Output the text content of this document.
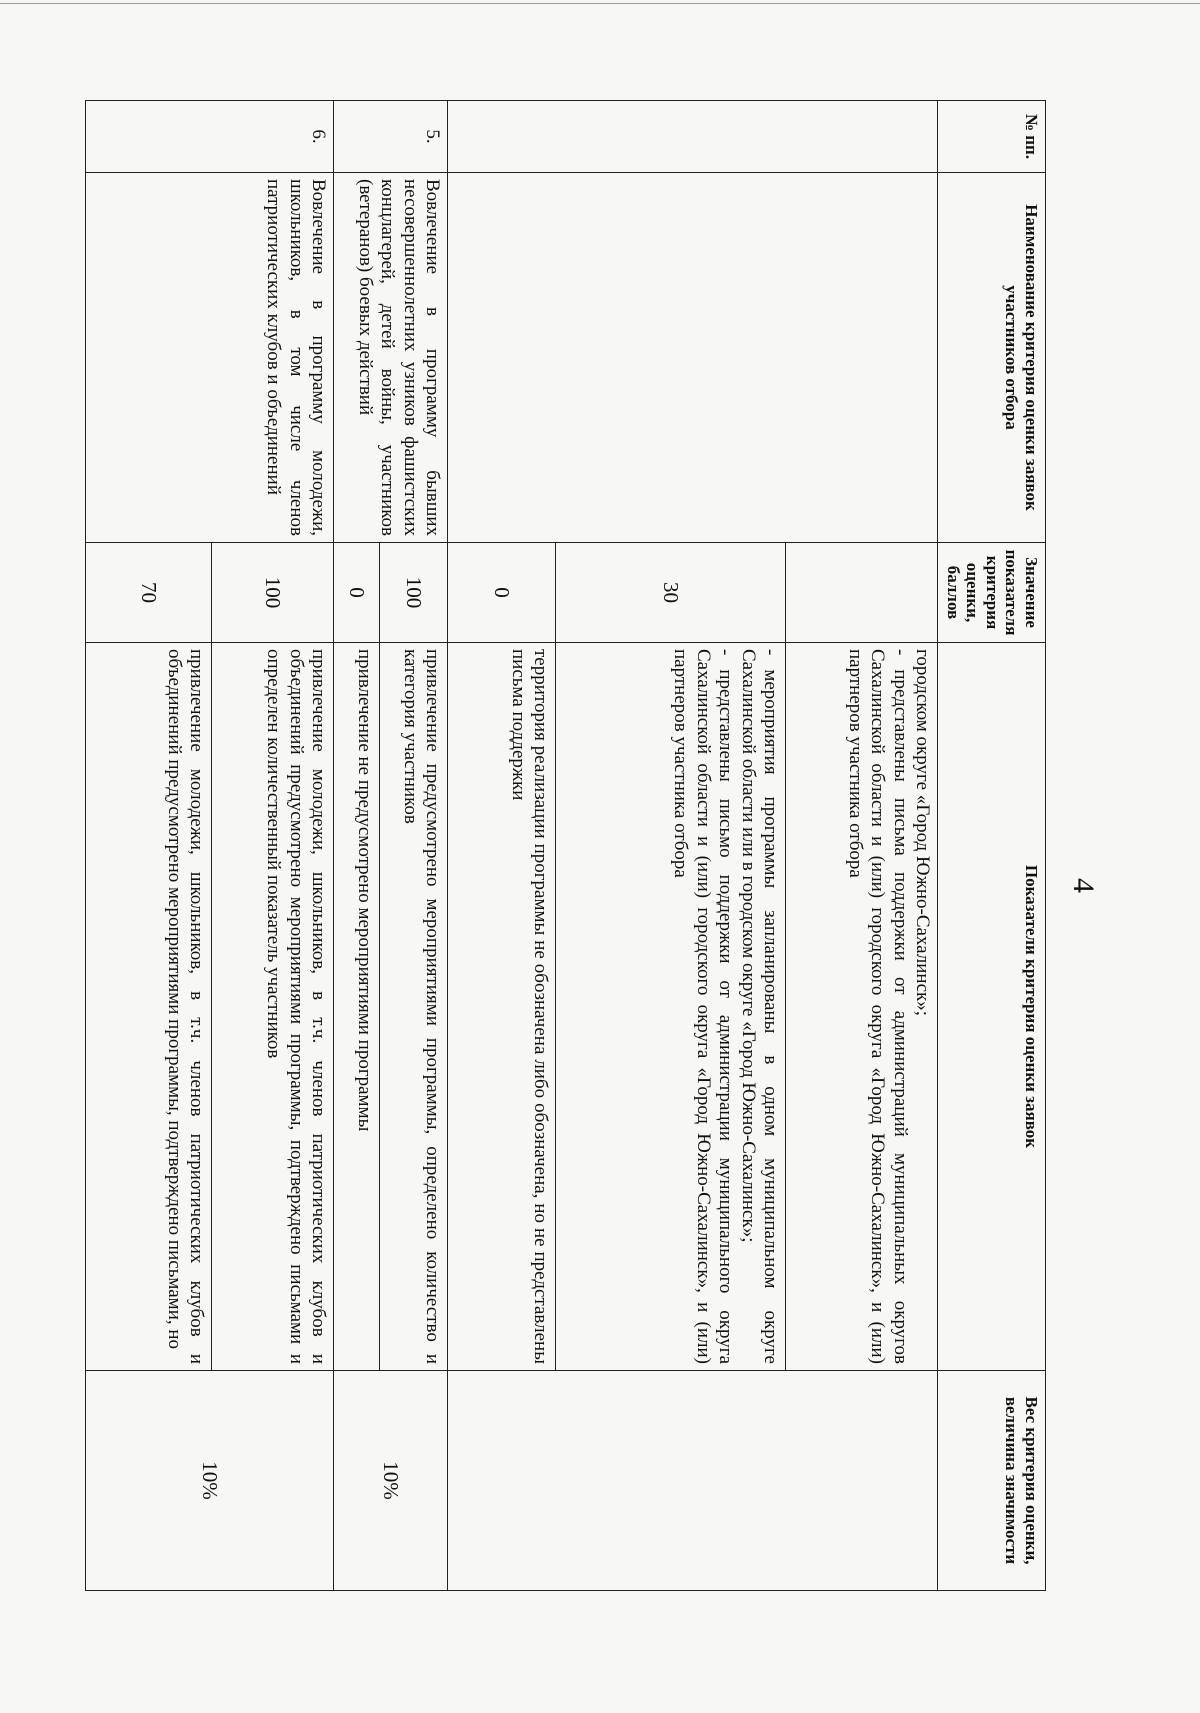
4
№ пп.	Наименование критерия оценки заявок участников отбора	Значение показателя критерия оценки, баллов	Показатели критерия оценки заявок	Вес критерия оценки, величина значимости

			городском округе «Город Южно-Сахалинск»;
-представлены письма поддержки от администраций муниципальных округов Сахалинской области и (или) городского округа «Город Южно-Сахалинск», и (или) партнеров участника отбора	

		30	-мероприятия программы запланированы в одном муниципальном округе Сахалинской области или в городском округе «Город Южно-Сахалинск»;
-представлены письмо поддержки от администрации муниципального округа Сахалинской области и (или) городского округа «Город Южно-Сахалинск», и (или) партнеров участника отбора	

		0	территория реализации программы не обозначена либо обозначена, но не представлены письма поддержки	
5.	Вовлечение в программу бывших несовершеннолетних узников фашистских концлагерей, детей войны, участников (ветеранов) боевых действий	100	привлечение предусмотрено мероприятиями программы, определено количество и категория участников	10%
		0	привлечение не предусмотрено мероприятиями программы	
6.	Вовлечение в программу молодежи, школьников, в том числе членов патриотических клубов и объединений	100	привлечение молодежи, школьников, в т.ч. членов патриотических клубов и объединений предусмотрено мероприятиями программы, подтверждено письмами и определен количественный показатель участников	10%
		70	привлечение молодежи, школьников, в т.ч. членов патриотических клубов и объединений предусмотрено мероприятиями программы, подтверждено письмами, но	
